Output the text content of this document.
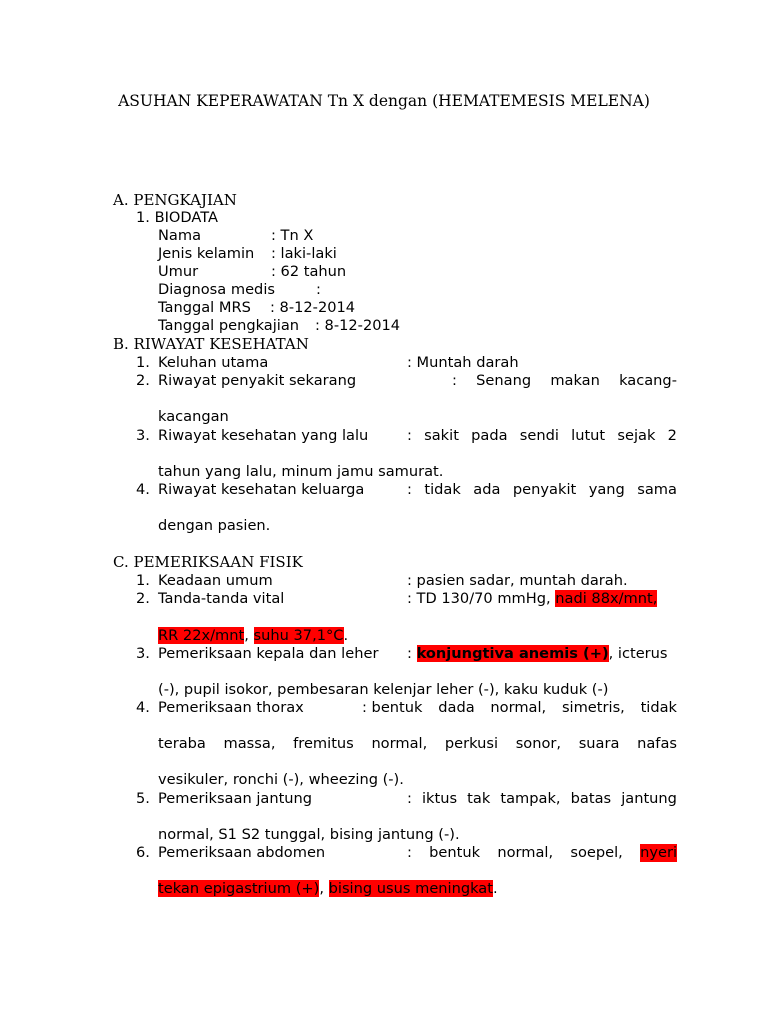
ASUHAN KEPERAWATAN Tn X dengan (HEMATEMESIS MELENA)
A. PENGKAJIAN
1. BIODATA
Nama	: Tn X
Jenis kelamin : laki-laki
Umur	: 62 tahun
Diagnosa medis	:
Tanggal MRS : 8-12-2014
Tanggal pengkajian : 8-12-2014
B. RIWAYAT KESEHATAN
1. Keluhan utama	: Muntah darah
2. Riwayat penyakit sekarang	: Senang makan kacang-
kacangan
3. Riwayat kesehatan yang lalu	: sakit pada sendi lutut sejak 2
tahun yang lalu, minum jamu samurat.
4. Riwayat kesehatan keluarga	: tidak ada penyakit yang sama
dengan pasien.
C. PEMERIKSAAN FISIK
1. Keadaan umum	: pasien sadar, muntah darah.
2. Tanda-tanda vital	: TD 130/70 mmHg, nadi 88x/mnt,
RR 22x/mnt, suhu 37,1°C.
3. Pemeriksaan kepala dan leher : konjungtiva anemis (+), icterus
(-), pupil isokor, pembesaran kelenjar leher (-), kaku kuduk (-)
4. Pemeriksaan thorax	: bentuk dada normal, simetris, tidak
teraba massa, fremitus normal, perkusi sonor, suara nafas
vesikuler, ronchi (-), wheezing (-).
5. Pemeriksaan jantung	: iktus tak tampak, batas jantung
normal, S1 S2 tunggal, bising jantung (-).
6. Pemeriksaan abdomen	: bentuk normal, soepel, nyeri
tekan epigastrium (+), bising usus meningkat.
